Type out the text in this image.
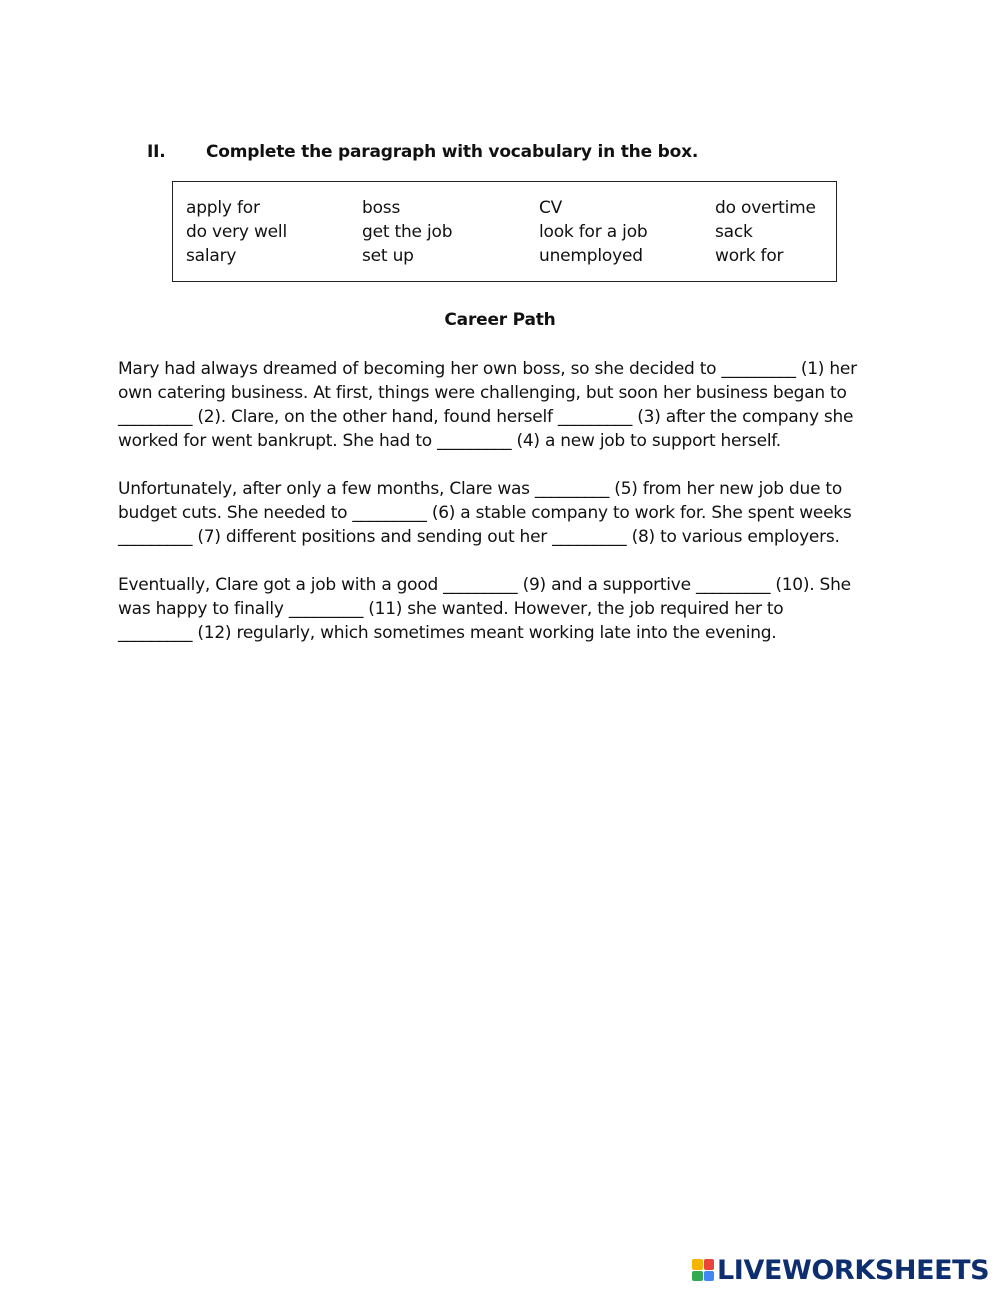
II. Complete the paragraph with vocabulary in the box.
apply for	boss	CV	do overtime
do very well	get the job	look for a job	sack
salary	set up	unemployed	work for
Career Path
Mary had always dreamed of becoming her own boss, so she decided to _________ (1) her
own catering business. At first, things were challenging, but soon her business began to
_________ (2). Clare, on the other hand, found herself _________ (3) after the company she
worked for went bankrupt. She had to _________ (4) a new job to support herself.
Unfortunately, after only a few months, Clare was _________ (5) from her new job due to
budget cuts. She needed to _________ (6) a stable company to work for. She spent weeks
_________ (7) different positions and sending out her _________ (8) to various employers.
Eventually, Clare got a job with a good _________ (9) and a supportive _________ (10). She
was happy to finally _________ (11) she wanted. However, the job required her to
_________ (12) regularly, which sometimes meant working late into the evening.
LIVEWORKSHEETS
